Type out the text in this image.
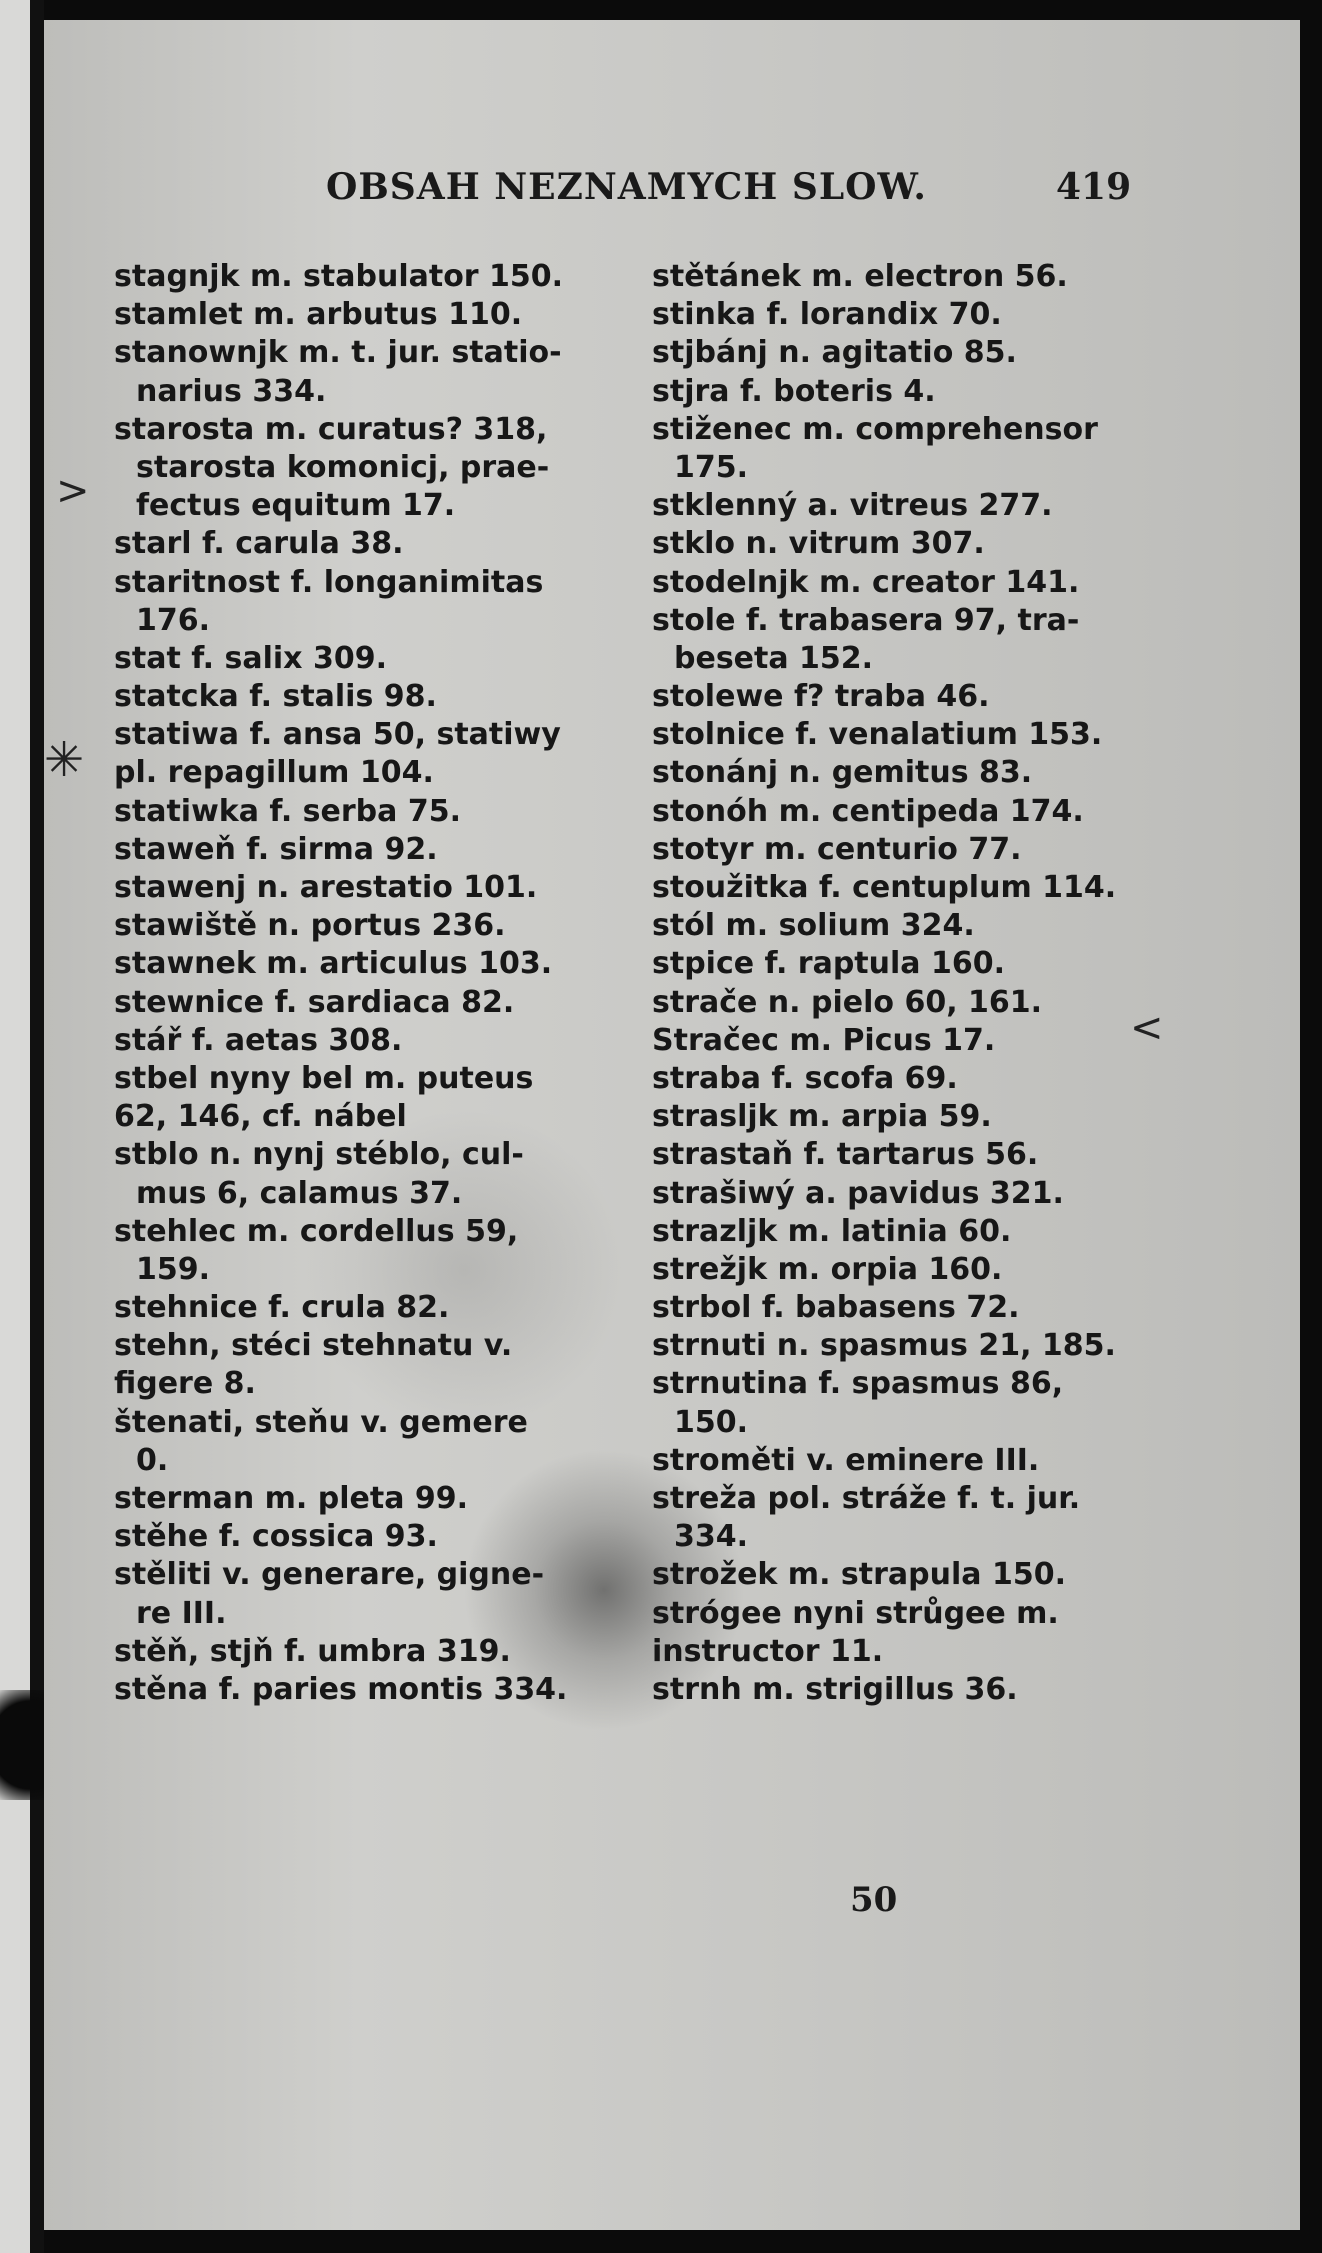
OBSAH NEZNAMYCH SLOW.	419
stagnjk m. stabulator 150.
stamlet m. arbutus 110.
stanownjk m. t. jur. statio-
narius 334.
starosta m. curatus? 318,
starosta komonicj, prae-
fectus equitum 17.
starl f. carula 38.
staritnost f. longanimitas
176.
stat f. salix 309.
statcka f. stalis 98.
statiwa f. ansa 50, statiwy
pl. repagillum 104.
statiwka f. serba 75.
staweň f. sirma 92.
stawenj n. arestatio 101.
stawiště n. portus 236.
stawnek m. articulus 103.
stewnice f. sardiaca 82.
stář f. aetas 308.
stbel nyny bel m. puteus
62, 146, cf. nábel
stblo n. nynj stéblo, cul-
mus 6, calamus 37.
stehlec m. cordellus 59,
159.
stehnice f. crula 82.
stehn, stéci stehnatu v.
figere 8.
štenati, steňu v. gemere
0.
sterman m. pleta 99.
stěhe f. cossica 93.
stěliti v. generare, gigne-
re III.
stěň, stjň f. umbra 319.
stěna f. paries montis 334.
stětánek m. electron 56.
stinka f. lorandix 70.
stjbánj n. agitatio 85.
stjra f. boteris 4.
stiženec m. comprehensor
175.
stklenný a. vitreus 277.
stklo n. vitrum 307.
stodelnjk m. creator 141.
stole f. trabasera 97, tra-
beseta 152.
stolewe f? traba 46.
stolnice f. venalatium 153.
stonánj n. gemitus 83.
stonóh m. centipeda 174.
stotyr m. centurio 77.
stoužitka f. centuplum 114.
stól m. solium 324.
stpice f. raptula 160.
strače n. pielo 60, 161.
Stračec m. Picus 17.
straba f. scofa 69.
strasljk m. arpia 59.
strastaň f. tartarus 56.
strašiwý a. pavidus 321.
strazljk m. latinia 60.
strežjk m. orpia 160.
strbol f. babasens 72.
strnuti n. spasmus 21, 185.
strnutina f. spasmus 86,
150.
stroměti v. eminere III.
streža pol. stráže f. t. jur.
334.
strožek m. strapula 150.
strógee nyni strůgee m.
instructor 11.
strnh m. strigillus 36.
>
✳
<
50
